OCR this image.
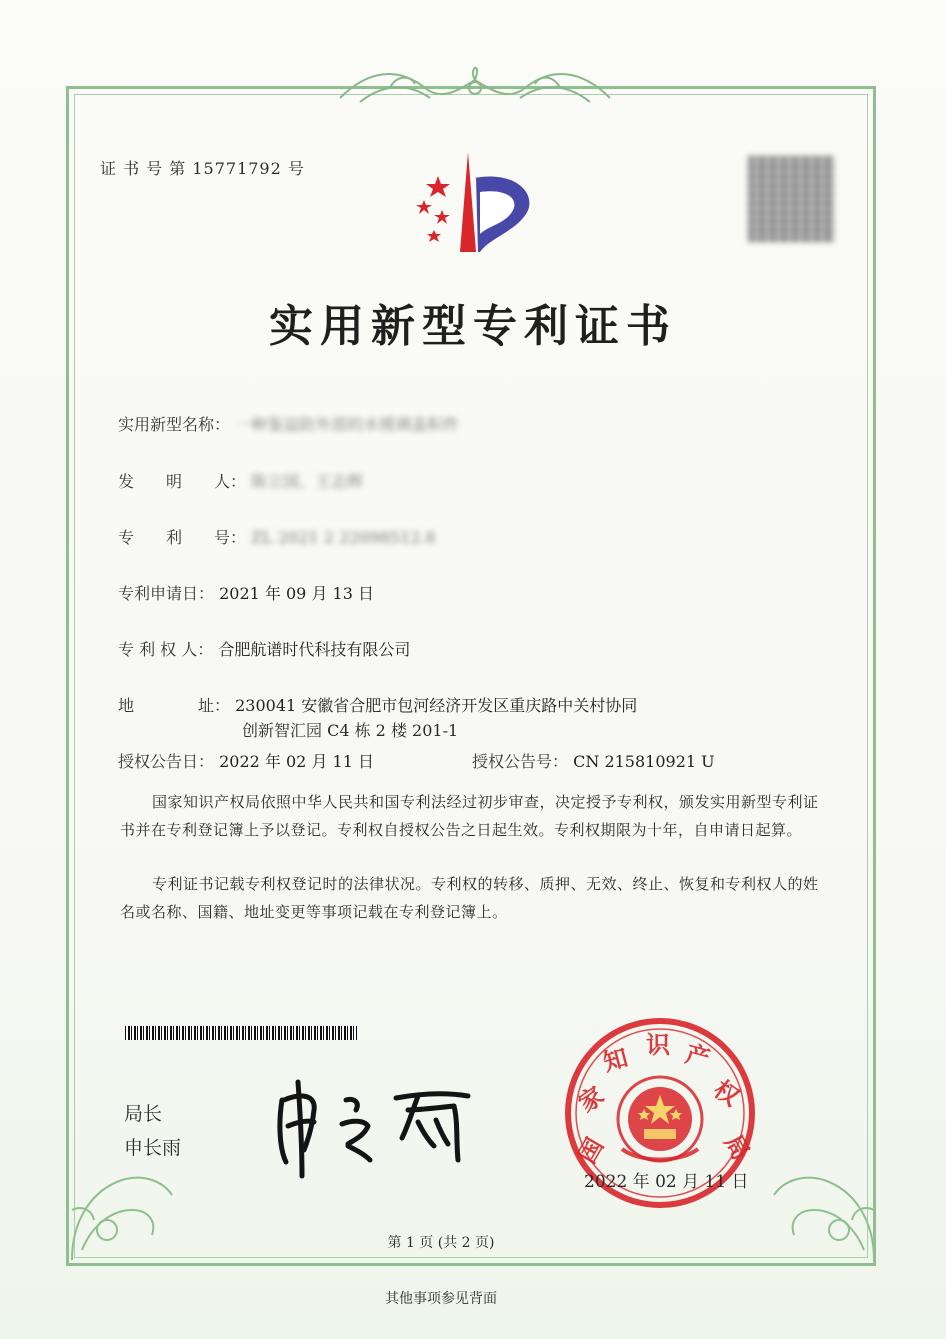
证 书 号 第 15771792 号
实用新型专利证书
实用新型名称： 一种鉴益防外部的水缓调盖积件
发　　明　　人： 陈立国、王志辉
专　　利　　号： ZL 2021 2 22098512.8
专利申请日： 2021 年 09 月 13 日
专 利 权 人： 合肥航谱时代科技有限公司
地　　　　址： 230041 安徽省合肥市包河经济开发区重庆路中关村协同
创新智汇园 C4 栋 2 楼 201-1
授权公告日： 2022 年 02 月 11 日	授权公告号： CN 215810921 U
国家知识产权局依照中华人民共和国专利法经过初步审查，决定授予专利权，颁发实用新型专利证书并在专利登记簿上予以登记。专利权自授权公告之日起生效。专利权期限为十年，自申请日起算。
专利证书记载专利权登记时的法律状况。专利权的转移、质押、无效、终止、恢复和专利权人的姓名或名称、国籍、地址变更等事项记载在专利登记簿上。
局长
申长雨	国
家
知 识 产
权
局
2022 年 02 月 11 日
第 1 页 (共 2 页)
其他事项参见背面
